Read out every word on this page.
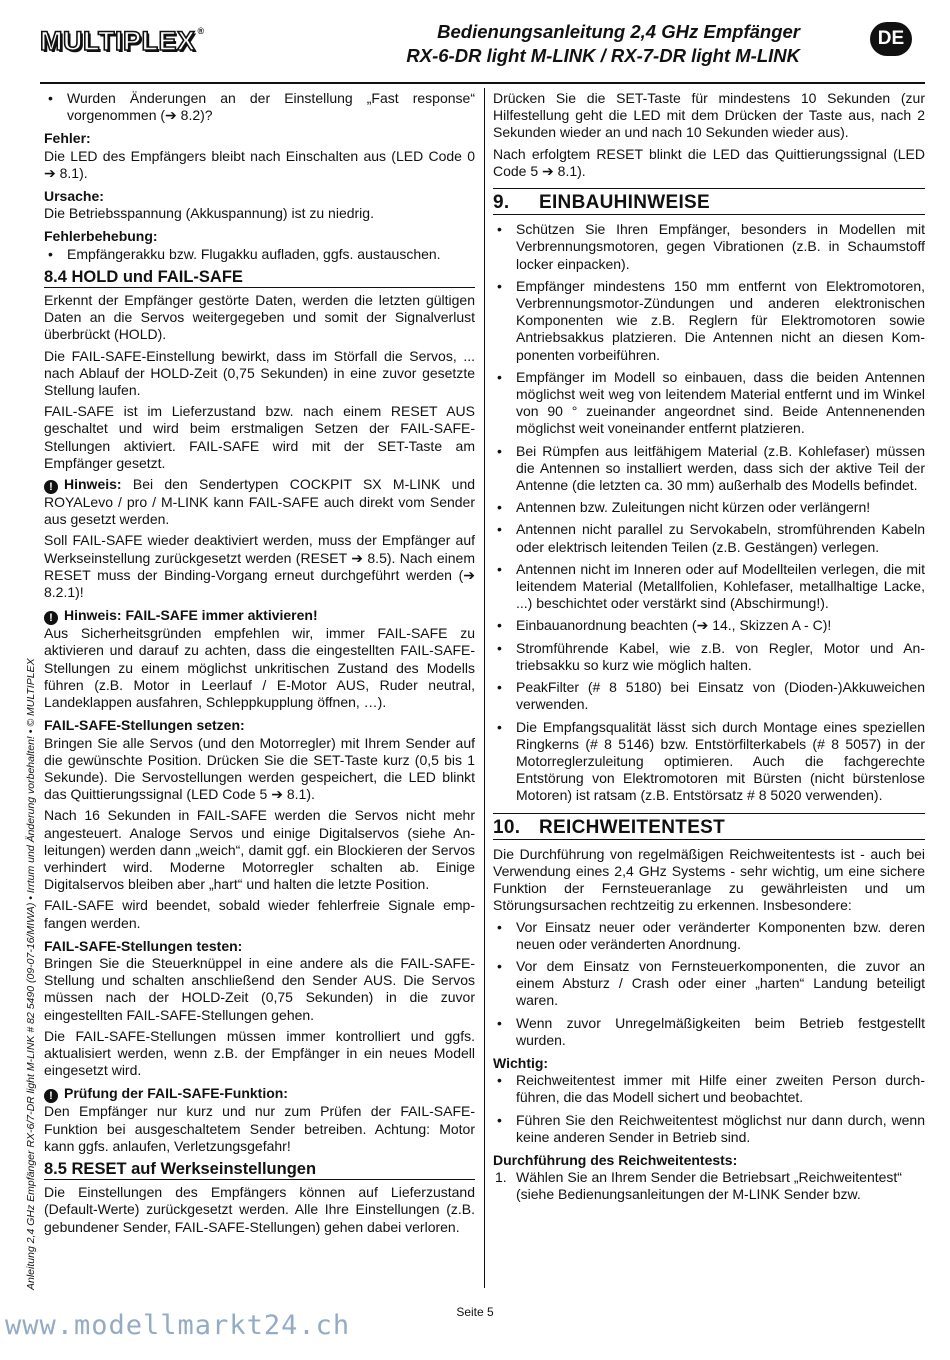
MULTIPLEX ®	Bedienungsanleitung 2,4 GHz Empfänger
RX-6-DR light M-LINK / RX-7-DR light M-LINK
DE
• Wurden Änderungen an der Einstellung „Fast response“ vorgenommen (➔ 8.2)?

Fehler:

Die LED des Empfängers bleibt nach Einschalten aus (LED Code 0 ➔ 8.1).

Ursache:

Die Betriebsspannung (Akkuspannung) ist zu niedrig.

Fehlerbehebung:

• Empfängerakku bzw. Flugakku aufladen, ggfs. austauschen.
8.4 HOLD und FAIL-SAFE

Erkennt der Empfänger gestörte Daten, werden die letzten gültigen Daten an die Servos weitergegeben und somit der Signalverlust überbrückt (HOLD).

Die FAIL-SAFE-Einstellung bewirkt, dass im Störfall die Servos, ... nach Ablauf der HOLD-Zeit (0,75 Sekunden) in eine zuvor gesetzte Stellung laufen.

FAIL-SAFE ist im Lieferzustand bzw. nach einem RESET AUS geschaltet und wird beim erstmaligen Setzen der FAIL-SAFE-Stellungen aktiviert. FAIL-SAFE wird mit der SET-Taste am Empfänger gesetzt.

! Hinweis: Bei den Sendertypen COCKPIT SX M-LINK und ROYALevo / pro / M-LINK kann FAIL-SAFE auch direkt vom Sender aus gesetzt werden.

Soll FAIL-SAFE wieder deaktiviert werden, muss der Empfänger auf Werkseinstellung zurückgesetzt werden (RESET ➔ 8.5). Nach einem RESET muss der Binding-Vorgang erneut durchgeführt werden (➔ 8.2.1)!

! Hinweis: FAIL-SAFE immer aktivieren!

Aus Sicherheitsgründen empfehlen wir, immer FAIL-SAFE zu aktivieren und darauf zu achten, dass die eingestellten FAIL-SAFE-Stellungen zu einem möglichst unkritischen Zustand des Modells führen (z.B. Motor in Leerlauf / E-Motor AUS, Ruder neutral, Landeklappen ausfahren, Schleppkupplung öffnen, …).

FAIL-SAFE-Stellungen setzen:

Bringen Sie alle Servos (und den Motorregler) mit Ihrem Sender auf die gewünschte Position. Drücken Sie die SET-Taste kurz (0,5 bis 1 Sekunde). Die Servostellungen werden gespeichert, die LED blinkt das Quittierungssignal (LED Code 5 ➔ 8.1).

Nach 16 Sekunden in FAIL-SAFE werden die Servos nicht mehr angesteuert. Analoge Servos und einige Digitalservos (siehe Anleitungen) werden dann „weich“, damit ggf. ein Blockieren der Servos verhindert wird. Moderne Motorregler schalten ab. Einige Digitalservos bleiben aber „hart“ und halten die letzte Position.

FAIL-SAFE wird beendet, sobald wieder fehlerfreie Signale empfangen werden.

FAIL-SAFE-Stellungen testen:

Bringen Sie die Steuerknüppel in eine andere als die FAIL-SAFE-Stellung und schalten anschließend den Sender AUS. Die Servos müssen nach der HOLD-Zeit (0,75 Sekunden) in die zuvor eingestellten FAIL-SAFE-Stellungen gehen.

Die FAIL-SAFE-Stellungen müssen immer kontrolliert und ggfs. aktualisiert werden, wenn z.B. der Empfänger in ein neues Modell eingesetzt wird.

! Prüfung der FAIL-SAFE-Funktion:

Den Empfänger nur kurz und nur zum Prüfen der FAIL-SAFE-Funktion bei ausgeschaltetem Sender betreiben. Achtung: Motor kann ggfs. anlaufen, Verletzungsgefahr!

8.5 RESET auf Werkseinstellungen

Die Einstellungen des Empfängers können auf Lieferzustand (Default-Werte) zurückgesetzt werden. Alle Ihre Einstellungen (z.B. gebundener Sender, FAIL-SAFE-Stellungen) gehen dabei verloren.

Drücken Sie die SET-Taste für mindestens 10 Sekunden (zur Hilfestellung geht die LED mit dem Drücken der Taste aus, nach 2 Sekunden wieder an und nach 10 Sekunden wieder aus).

Nach erfolgtem RESET blinkt die LED das Quittierungssignal (LED Code 5 ➔ 8.1).

9. EINBAUHINWEISE
• Schützen Sie Ihren Empfänger, besonders in Modellen mit Verbrennungsmotoren, gegen Vibrationen (z.B. in Schaumstoff locker einpacken).
• Empfänger mindestens 150 mm entfernt von Elektromotoren, Verbrennungsmotor-Zündungen und anderen elektronischen Komponenten wie z.B. Reglern für Elektromotoren sowie Antriebsakkus platzieren. Die Antennen nicht an diesen Komponenten vorbeiführen.
• Empfänger im Modell so einbauen, dass die beiden Antennen möglichst weit weg von leitendem Material entfernt und im Winkel von 90 ° zueinander angeordnet sind. Beide Antennenenden möglichst weit voneinander entfernt platzieren.
• Bei Rümpfen aus leitfähigem Material (z.B. Kohlefaser) müssen die Antennen so installiert werden, dass sich der aktive Teil der Antenne (die letzten ca. 30 mm) außerhalb des Modells befindet.
• Antennen bzw. Zuleitungen nicht kürzen oder verlängern!
• Antennen nicht parallel zu Servokabeln, stromführenden Kabeln oder elektrisch leitenden Teilen (z.B. Gestängen) verlegen.
• Antennen nicht im Inneren oder auf Modellteilen verlegen, die mit leitendem Material (Metallfolien, Kohlefaser, metallhaltige Lacke, ...) beschichtet oder verstärkt sind (Abschirmung!).
• Einbauanordnung beachten (➔ 14., Skizzen A - C)!
• Stromführende Kabel, wie z.B. von Regler, Motor und Antriebsakku so kurz wie möglich halten.
• PeakFilter (# 8 5180) bei Einsatz von (Dioden-)Akkuweichen verwenden.
• Die Empfangsqualität lässt sich durch Montage eines speziellen Ringkerns (# 8 5146) bzw. Entstörfilterkabels (# 8 5057) in der Motorreglerzuleitung optimieren. Auch die fachgerechte Entstörung von Elektromotoren mit Bürsten (nicht bürstenlose Motoren) ist ratsam (z.B. Entstörsatz # 8 5020 verwenden).
10. REICHWEITENTEST

Die Durchführung von regelmäßigen Reichweitentests ist - auch bei Verwendung eines 2,4 GHz Systems - sehr wichtig, um eine sichere Funktion der Fernsteueranlage zu gewährleisten und um Störungsursachen rechtzeitig zu erkennen. Insbesondere:

• Vor Einsatz neuer oder veränderter Komponenten bzw. deren neuen oder veränderten Anordnung.
• Vor dem Einsatz von Fernsteuerkomponenten, die zuvor an einem Absturz / Crash oder einer „harten“ Landung beteiligt waren.
• Wenn zuvor Unregelmäßigkeiten beim Betrieb festgestellt wurden.

Wichtig:

• Reichweitentest immer mit Hilfe einer zweiten Person durchführen, die das Modell sichert und beobachtet.
• Führen Sie den Reichweitentest möglichst nur dann durch, wenn keine anderen Sender in Betrieb sind.

Durchführung des Reichweitentests:

1. Wählen Sie an Ihrem Sender die Betriebsart „Reichweitentest“ (siehe Bedienungsanleitungen der M-LINK Sender bzw.
Anleitung 2,4 GHz Empfänger RX-6/7-DR light M-LINK # 82 5490 (09-07-16/MIWA) • Irrtum und Änderung vorbehalten! • © MULTIPLEX
Seite 5
www.modellmarkt24.ch
